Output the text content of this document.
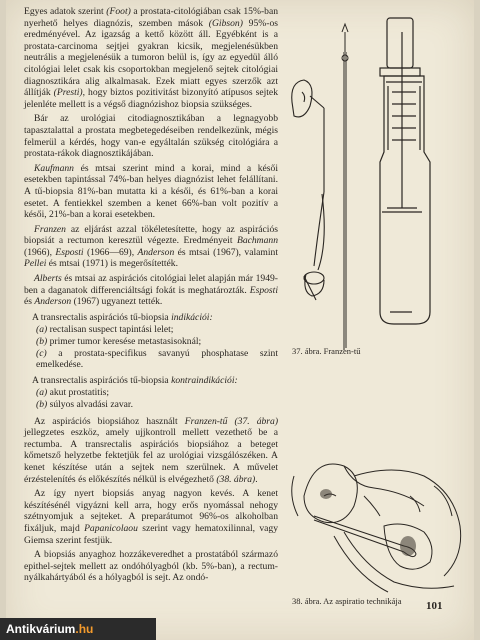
Egyes adatok szerint (Foot) a prostata-citológiában csak 15%-ban nyerhető helyes diagnózis, szemben mások (Gibson) 95%-os eredményével. Az igazság a kettő között áll. Egyébként is a prostata-carcinoma sejtjei gyakran kicsik, megjelenésükben neutrális a megjelenésük a tumoron belül is, így az egyedül álló citológiai lelet csak kis csoportokban megjelenő sejtek citológiai diagnosztikára alig alkalmasak. Ezek miatt egyes szerzők azt állítják (Presti), hogy biztos pozitivitást bizonyító atípusos sejtek jelenléte mellett is a végső diagnózishoz biopsia szükséges.

Bár az urológiai citodiagnosztikában a legnagyobb tapasztalattal a prostata megbetegedéseiben rendelkezünk, mégis felmerül a kérdés, hogy van-e egyáltalán szükség citológiára a prostata-rákok diagnosztikájában.

Kaufmann és mtsai szerint mind a korai, mind a késői esetekben tapintással 74%-ban helyes diagnózist lehet felállítani. A tű-biopsia 81%-ban mutatta ki a késői, és 61%-ban a korai esetet. A fentiekkel szemben a kenet 66%-ban volt pozitív a késői, 21%-ban a korai esetekben.

Franzen az eljárást azzal tökéletesítette, hogy az aspirációs biopsiát a rectumon keresztül végezte. Eredményeit Bachmann (1966), Esposti (1966—69), Anderson és mtsai (1967), valamint Pellei és mtsai (1971) is megerősítették.

Alberts és mtsai az aspirációs citológiai lelet alapján már 1949-ben a daganatok differenciáltsági fokát is meghatározták. Esposti és Anderson (1967) ugyanezt tették.

A transrectalis aspirációs tű-biopsia indikációi:

(a) rectalisan suspect tapintási lelet;

(b) primer tumor keresése metastasisoknál;

(c) a prostata-specifikus savanyú phosphatase szint emelkedése.

A transrectalis aspirációs tű-biopsia kontraindikációi:

(a) akut prostatitis;

(b) súlyos alvadási zavar.

Az aspirációs biopsiához használt Franzen-tű (37. ábra) jellegzetes eszköz, amely ujjkontroll mellett vezethető be a rectumba. A transrectalis aspirációs biopsiához a beteget kőmetsző helyzetbe fektetjük fel az urológiai vizsgálószéken. A kenet készítése után a sejtek nem szerülnek. A művelet érzéstelenítés és előkészítés nélkül is elvégezhető (38. ábra).

Az így nyert biopsiás anyag nagyon kevés. A kenet készítésénél vigyázni kell arra, hogy erős nyomással nehogy szétnyomjuk a sejteket. A preparátumot 96%-os alkoholban fixáljuk, majd Papanicolaou szerint vagy hematoxilinnal, vagy Giemsa szerint festjük.

A biopsiás anyaghoz hozzákeveredhet a prostatából származó epithel-sejtek mellett az ondóhólyagból (kb. 5%-ban), a rectum-nyálkahártyából és a hólyagból is sejt. Az ondó-

37. ábra. Franzen-tű
38. ábra. Az aspiratio technikája 101
Antikvárium.hu
